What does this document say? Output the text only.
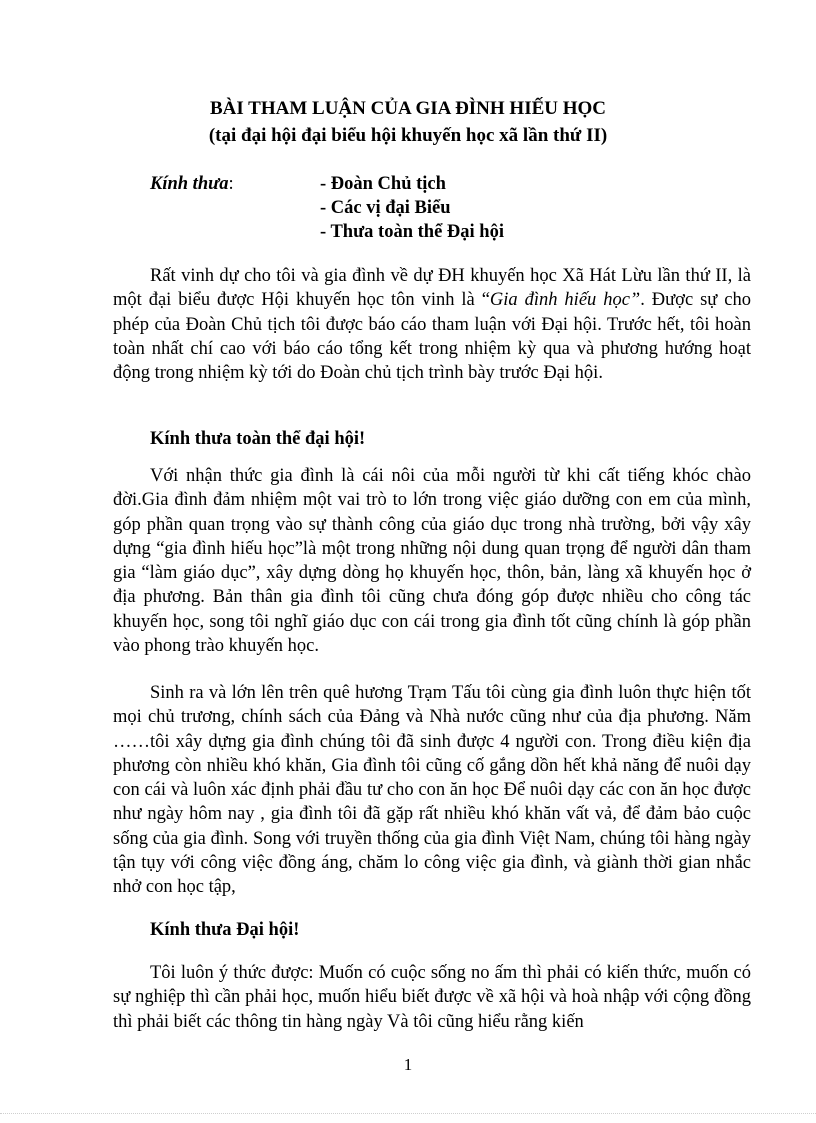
BÀI THAM LUẬN CỦA GIA ĐÌNH HIẾU HỌC
(tại đại hội đại biểu hội khuyến học xã lần thứ II)
Kính thưa:	- Đoàn Chủ tịch
- Các vị đại Biểu
- Thưa toàn thể Đại hội
Rất vinh dự cho tôi và gia đình về dự ĐH khuyến học Xã Hát Lừu lần thứ II, là một đại biểu được Hội khuyến học tôn vinh là “Gia đình hiếu học”. Được sự cho phép của Đoàn Chủ tịch tôi được báo cáo tham luận với Đại hội. Trước hết, tôi hoàn toàn nhất chí cao với báo cáo tổng kết trong nhiệm kỳ qua và phương hướng hoạt động trong nhiệm kỳ tới do Đoàn chủ tịch trình bày trước Đại hội.
Kính thưa toàn thể đại hội!
Với nhận thức gia đình là cái nôi của mỗi người từ khi cất tiếng khóc chào đời.Gia đình đảm nhiệm một vai trò to lớn trong việc giáo dưỡng con em của mình, góp phần quan trọng vào sự thành công của giáo dục trong nhà trường, bởi vậy xây dựng “gia đình hiếu học”là một trong những nội dung quan trọng để người dân tham gia “làm giáo dục”, xây dựng dòng họ khuyến học, thôn, bản, làng xã khuyến học ở địa phương. Bản thân gia đình tôi cũng chưa đóng góp được nhiều cho công tác khuyến học, song tôi nghĩ giáo dục con cái trong gia đình tốt cũng chính là góp phần vào phong trào khuyến học.
Sinh ra và lớn lên trên quê hương Trạm Tấu tôi cùng gia đình luôn thực hiện tốt mọi chủ trương, chính sách của Đảng và Nhà nước cũng như của địa phương. Năm ……tôi xây dựng gia đình chúng tôi đã sinh được 4 người con. Trong điều kiện địa phương còn nhiều khó khăn, Gia đình tôi cũng cố gắng dồn hết khả năng để nuôi dạy con cái và luôn xác định phải đầu tư cho con ăn học Để nuôi dạy các con ăn học được như ngày hôm nay , gia đình tôi đã gặp rất nhiều khó khăn vất vả, để đảm bảo cuộc sống của gia đình. Song với truyền thống của gia đình Việt Nam, chúng tôi hàng ngày tận tụy với công việc đồng áng, chăm lo công việc gia đình, và giành thời gian nhắc nhở con học tập,
Kính thưa Đại hội!
Tôi luôn ý thức được: Muốn có cuộc sống no ấm thì phải có kiến thức, muốn có sự nghiệp thì cần phải học, muốn hiểu biết được về xã hội và hoà nhập với cộng đồng thì phải biết các thông tin hàng ngày Và tôi cũng hiểu rằng kiến
1
